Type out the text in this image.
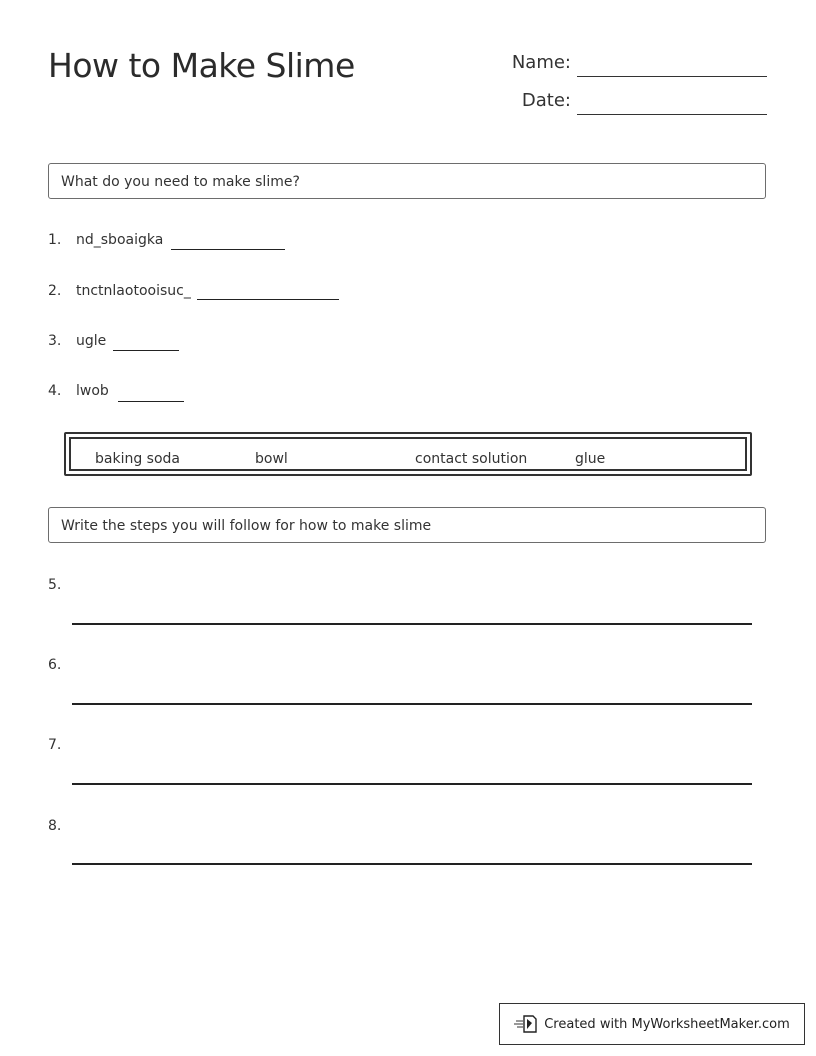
How to Make Slime	Name:
Date:
What do you need to make slime?
1. nd_sboaigka
2. tnctnlaotooisuc_
3. ugle
4. lwob
baking soda	bowl	contact solution	glue
Write the steps you will follow for how to make slime
5.
6.
7.
8.
Created with MyWorksheetMaker.com
